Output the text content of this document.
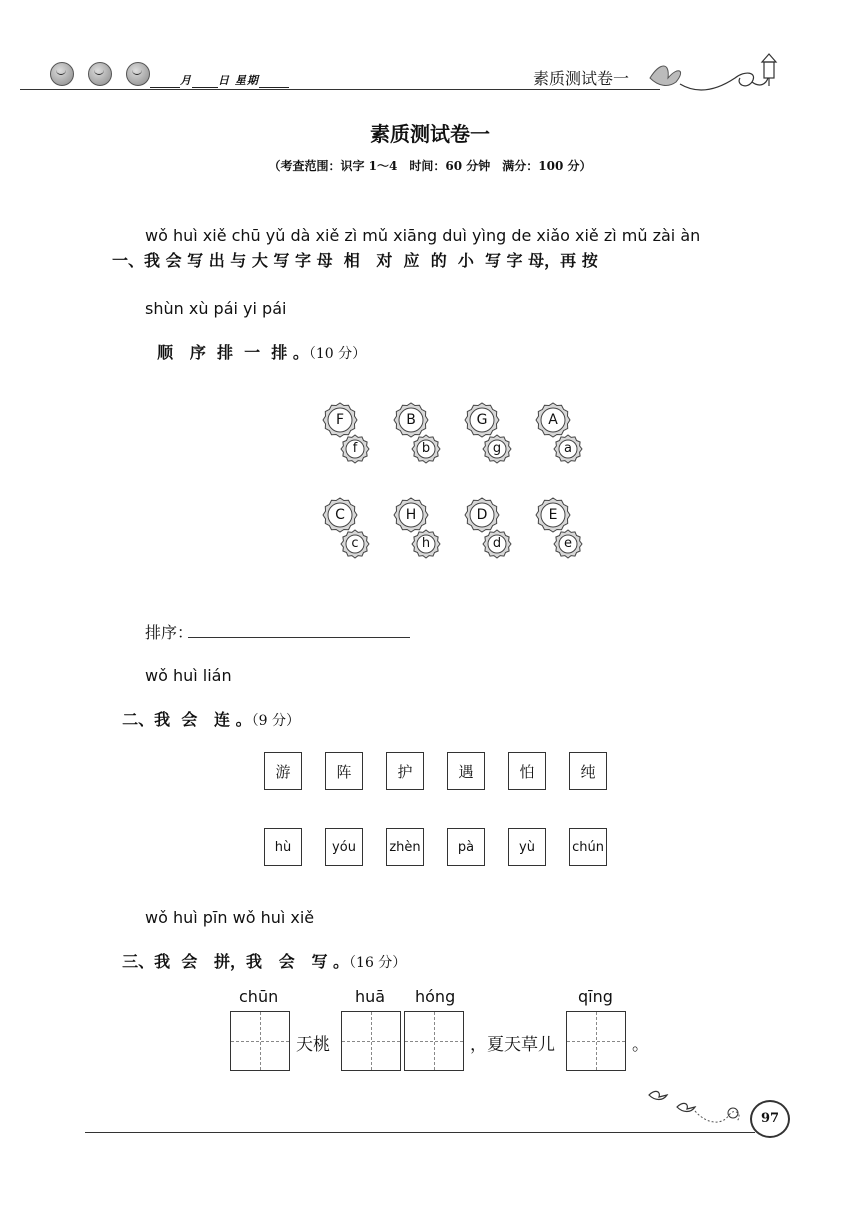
月 日 星期	素质测试卷一
素质测试卷一
（考查范围：识字 1～4　时间：60 分钟　满分：100 分）
wǒ huì xiě chū yǔ dà xiě zì mǔ xiāng duì yìng de xiǎo xiě zì mǔ zài àn
一、我 会 写 出 与 大 写 字 母  相   对  应  的  小  写 字 母，再 按
shùn xù pái yi pái

顺   序  排  一  排 。（10 分）

F
f
B
b
G
g
A
a
C
c
H
h
D
d
E
e
排序：
wǒ huì lián

二、我  会   连 。（9 分）

游	阵	护	遇	怕	纯
hù	yóu	zhèn	pà	yù	chún
wǒ huì pīn wǒ huì xiě

三、我  会   拼，我   会   写 。（16 分）

chūn	huā hóng	qīng
天桃	，夏天草儿	。
97
